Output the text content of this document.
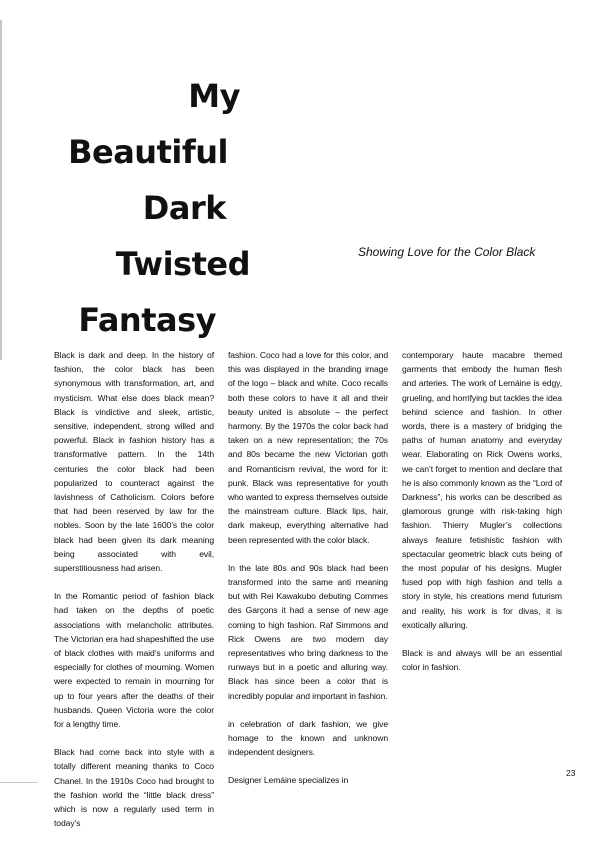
My
Beautiful
Dark
Twisted
Fantasy

Showing Love for the Color Black

Black is dark and deep. In the history of fashion, the color black has been synonymous with transformation, art, and mysticism. What else does black mean? Black is vindictive and sleek, artistic, sensitive, independent, strong willed and powerful. Black in fashion history has a transformative pattern. In the 14th centuries the color black had been popularized to counteract against the lavishness of Catholicism. Colors before that had been reserved by law for the nobles. Soon by the late 1600’s the color black had been given its dark meaning being associated with evil, superstitiousness had arisen.

In the Romantic period of fashion black had taken on the depths of poetic associations with melancholic attributes. The Victorian era had shapeshifted the use of black clothes with maid’s uniforms and especially for clothes of mourning. Women were expected to remain in mourning for up to four years after the deaths of their husbands. Queen Victoria wore the color for a lengthy time.

Black had come back into style with a totally different meaning thanks to Coco Chanel. In the 1910s Coco had brought to the fashion world the “little black dress” which is now a regularly used term in today’s

fashion. Coco had a love for this color, and this was displayed in the branding image of the logo – black and white. Coco recalls both these colors to have it all and their beauty united is absolute – the perfect harmony. By the 1970s the color back had taken on a new representation; the 70s and 80s became the new Victorian goth and Romanticism revival, the word for it: punk. Black was representative for youth who wanted to express themselves outside the mainstream culture. Black lips, hair, dark makeup, everything alternative had been represented with the color black.

In the late 80s and 90s black had been transformed into the same anti meaning but with Rei Kawakubo debuting Commes des Garçons it had a sense of new age coming to high fashion. Raf Simmons and Rick Owens are two modern day representatives who bring darkness to the runways but in a poetic and alluring way. Black has since been a color that is incredibly popular and important in fashion.

in celebration of dark fashion, we give homage to the known and unknown independent designers.

Designer Lemáine specializes in

contemporary haute macabre themed garments that embody the human flesh and arteries. The work of Lemáine is edgy, grueling, and horrifying but tackles the idea behind science and fashion. In other words, there is a mastery of bridging the paths of human anatomy and everyday wear. Elaborating on Rick Owens works, we can’t forget to mention and declare that he is also commonly known as the “Lord of Darkness”, his works can be described as glamorous grunge with risk-taking high fashion. Thierry Mugler’s collections always feature fetishistic fashion with spectacular geometric black cuts being of the most popular of his designs. Mugler fused pop with high fashion and tells a story in style, his creations mend futurism and reality, his work is for divas, it is exotically alluring.

Black is and always will be an essential color in fashion.

23
